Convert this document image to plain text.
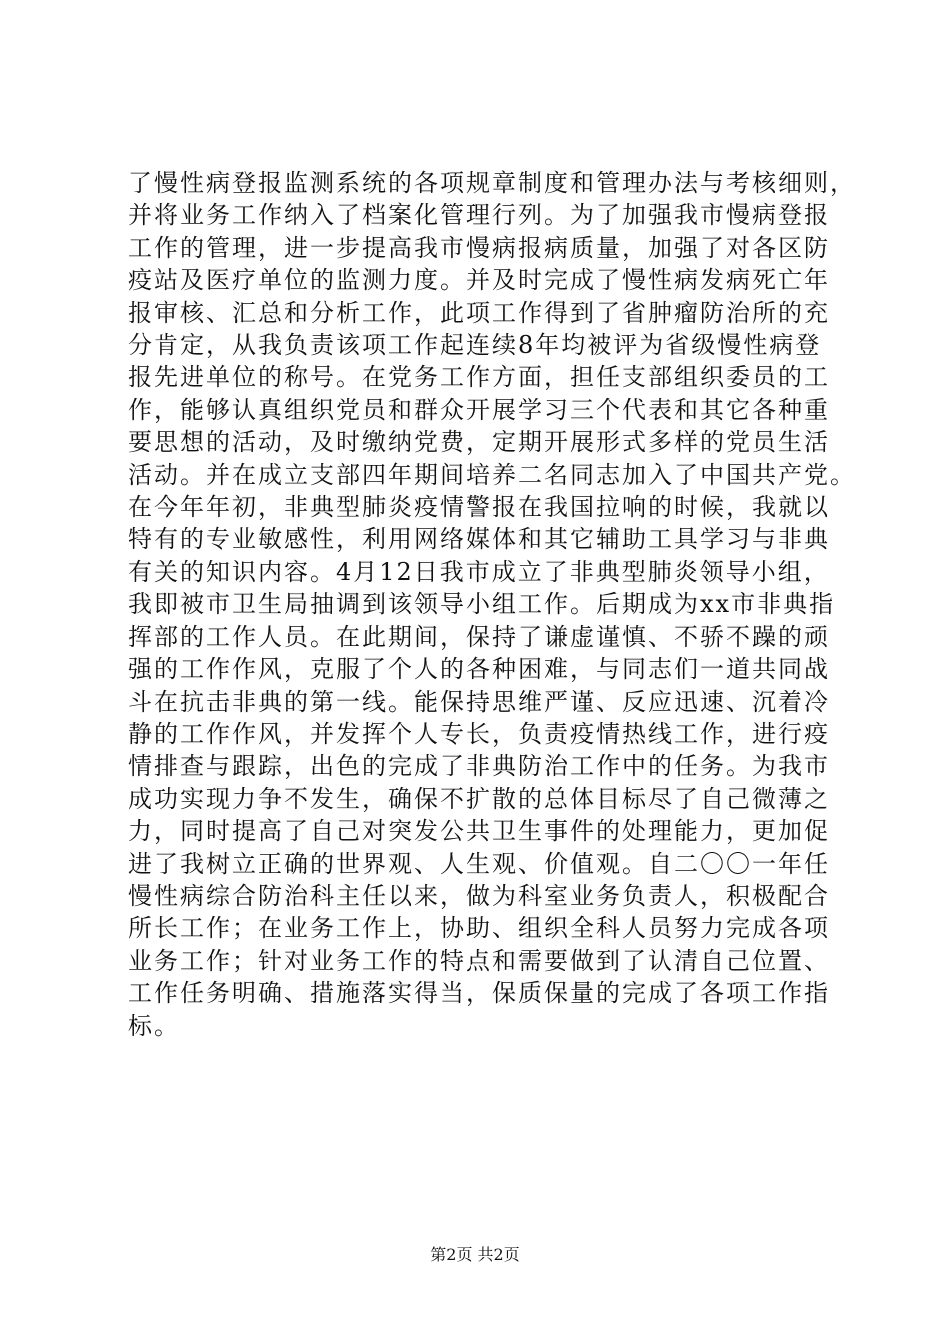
了慢性病登报监测系统的各项规章制度和管理办法与考核细则，
并将业务工作纳入了档案化管理行列。为了加强我市慢病登报
工作的管理，进一步提高我市慢病报病质量，加强了对各区防
疫站及医疗单位的监测力度。并及时完成了慢性病发病死亡年
报审核、汇总和分析工作，此项工作得到了省肿瘤防治所的充
分肯定，从我负责该项工作起连续8年均被评为省级慢性病登
报先进单位的称号。在党务工作方面，担任支部组织委员的工
作，能够认真组织党员和群众开展学习三个代表和其它各种重
要思想的活动，及时缴纳党费，定期开展形式多样的党员生活
活动。并在成立支部四年期间培养二名同志加入了中国共产党。
在今年年初，非典型肺炎疫情警报在我国拉响的时候，我就以
特有的专业敏感性，利用网络媒体和其它辅助工具学习与非典
有关的知识内容。4月12日我市成立了非典型肺炎领导小组，
我即被市卫生局抽调到该领导小组工作。后期成为xx市非典指
挥部的工作人员。在此期间，保持了谦虚谨慎、不骄不躁的顽
强的工作作风，克服了个人的各种困难，与同志们一道共同战
斗在抗击非典的第一线。能保持思维严谨、反应迅速、沉着冷
静的工作作风，并发挥个人专长，负责疫情热线工作，进行疫
情排查与跟踪，出色的完成了非典防治工作中的任务。为我市
成功实现力争不发生，确保不扩散的总体目标尽了自己微薄之
力，同时提高了自己对突发公共卫生事件的处理能力，更加促
进了我树立正确的世界观、人生观、价值观。自二〇〇一年任
慢性病综合防治科主任以来，做为科室业务负责人，积极配合
所长工作；在业务工作上，协助、组织全科人员努力完成各项
业务工作；针对业务工作的特点和需要做到了认清自己位置、
工作任务明确、措施落实得当，保质保量的完成了各项工作指
标。
第2页 共2页
